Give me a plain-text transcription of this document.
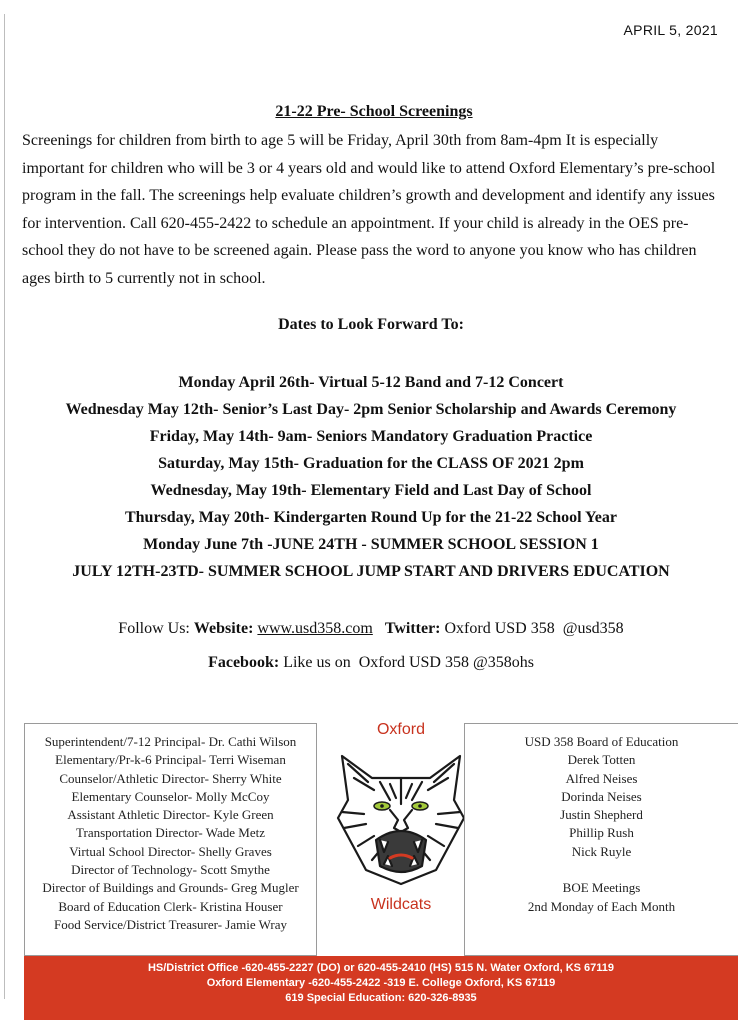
APRIL 5, 2021
21-22 Pre- School Screenings

Screenings for children from birth to age 5 will be Friday, April 30th from 8am-4pm It is especially important for children who will be 3 or 4 years old and would like to attend Oxford Elementary’s pre-school program in the fall. The screenings help evaluate children’s growth and development and identify any issues for intervention. Call 620-455-2422 to schedule an appointment. If your child is already in the OES pre-school they do not have to be screened again. Please pass the word to anyone you know who has children ages birth to 5 currently not in school.

Dates to Look Forward To:
Monday April 26th- Virtual 5-12 Band and 7-12 Concert
Wednesday May 12th- Senior’s Last Day- 2pm Senior Scholarship and Awards Ceremony
Friday, May 14th- 9am- Seniors Mandatory Graduation Practice
Saturday, May 15th- Graduation for the CLASS OF 2021 2pm
Wednesday, May 19th- Elementary Field and Last Day of School
Thursday, May 20th- Kindergarten Round Up for the 21-22 School Year
Monday June 7th -JUNE 24TH - SUMMER SCHOOL SESSION 1
JULY 12TH-23TD- SUMMER SCHOOL JUMP START AND DRIVERS EDUCATION
Follow Us: Website: www.usd358.com Twitter: Oxford USD 358  @usd358
Facebook: Like us on  Oxford USD 358 @358ohs
Superintendent/7-12 Principal- Dr. Cathi Wilson
Elementary/Pr-k-6 Principal- Terri Wiseman
Counselor/Athletic Director- Sherry White
Elementary Counselor- Molly McCoy
Assistant Athletic Director- Kyle Green
Transportation Director- Wade Metz
Virtual School Director- Shelly Graves
Director of Technology- Scott Smythe
Director of Buildings and Grounds- Greg Mugler
Board of Education Clerk- Kristina Houser
Food Service/District Treasurer- Jamie Wray
Oxford
Wildcats
USD 358 Board of Education
Derek Totten
Alfred Neises
Dorinda Neises
Justin Shepherd
Phillip Rush
Nick Ruyle
BOE Meetings
2nd Monday of Each Month
HS/District Office -620-455-2227 (DO) or 620-455-2410 (HS) 515 N. Water Oxford, KS 67119
Oxford Elementary -620-455-2422 -319 E. College Oxford, KS 67119
619 Special Education: 620-326-8935
